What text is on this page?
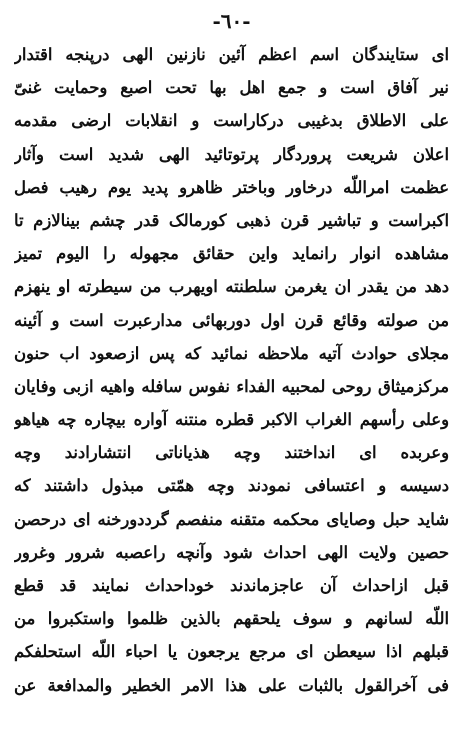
-٦٠-
ای ستایندگان اسم اعظم آئین نازنین الهی درپنجه اقتدار
نیر آفاق است و جمع اهل بها تحت اصبع وحمایت غنیّ
علی الاطلاق بدغیبی درکاراست و انقلابات ارضی مقدمه
اعلان شریعت پروردگار پرتوتائید الهی شدید است وآثار
عظمت امراللّه درخاور وباختر ظاهرو پدید یوم رهیب فصل
اکبراست و تباشیر قرن ذهبی کورمالک قدر چشم بینالازم تا
مشاهده انوار رانماید واین حقائق مجهوله را الیوم تمیز
دهد من یقدر ان یغرمن سلطنته اویهرب من سیطرته او ینهزم
من صولته وقائع قرن اول دوربهائی مدارعبرت است و آئینه
مجلای حوادث آتیه ملاحظه نمائید که پس ازصعود اب حنون
مرکزمیثاق روحی لمحبیه الفداء نفوس سافله واهیه ازبی وفایان
وعلی رأسهم الغراب الاکبر قطره منتنه آواره بیچاره چه هیاهو
وعربده ای انداختند وچه هذیاناتی انتشارادند وچه
دسیسه و اعتسافی نمودند وچه همّتی مبذول داشتند که
شاید حبل وصایای محکمه متقنه منفصم گرددورخنه ای درحصن
حصین ولایت الهی احداث شود وآنچه راعصبه شرور وغرور
قبل ازاحداث آن عاجزماندند خوداحداث نمایند قد قطع
اللّه لسانهم و سوف یلحقهم بالذین ظلموا واستکبروا من
قبلهم اذا سیعطن ای مرجع یرجعون یا احباء اللّه استحلفکم
فی آخرالقول بالثبات علی هذا الامر الخطیر والمدافعة عن
